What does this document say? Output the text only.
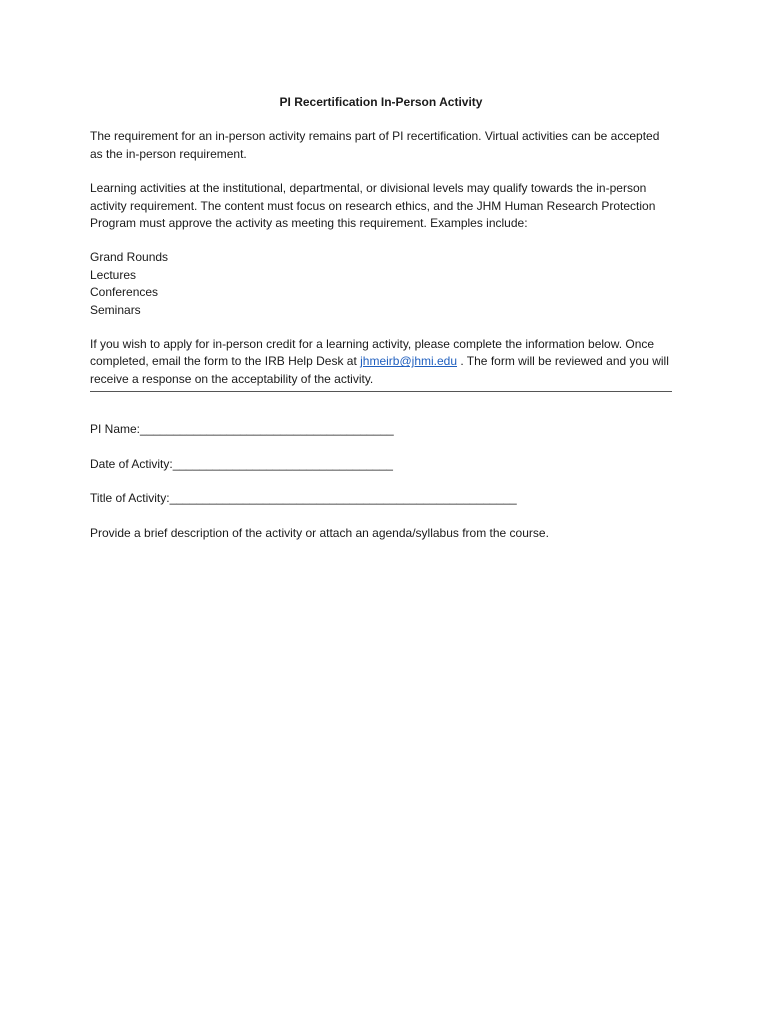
PI Recertification In-Person Activity

The requirement for an in-person activity remains part of PI recertification. Virtual activities can be accepted as the in-person requirement.

Learning activities at the institutional, departmental, or divisional levels may qualify towards the in-person activity requirement. The content must focus on research ethics, and the JHM Human Research Protection Program must approve the activity as meeting this requirement. Examples include:

Grand Rounds
Lectures
Conferences
Seminars

If you wish to apply for in-person credit for a learning activity, please complete the information below. Once completed, email the form to the IRB Help Desk at jhmeirb@jhmi.edu . The form will be reviewed and you will receive a response on the acceptability of the activity.

PI Name:______________________________________
Date of Activity:_________________________________
Title of Activity:____________________________________________________

Provide a brief description of the activity or attach an agenda/syllabus from the course.
